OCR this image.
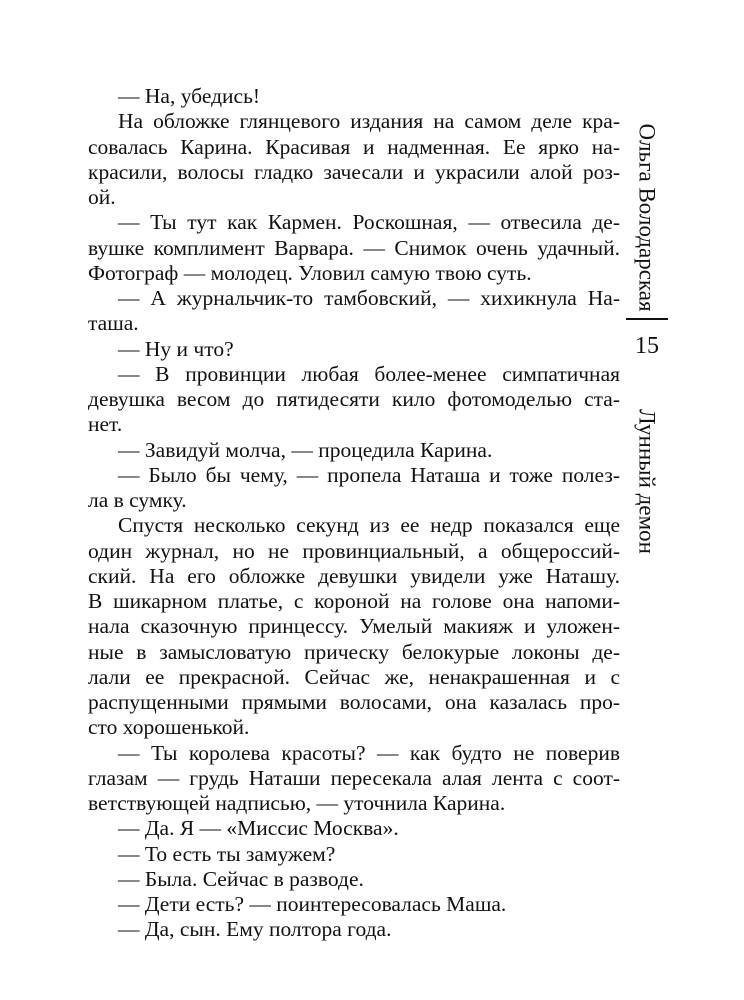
— На, убедись!
На обложке глянцевого издания на самом деле кра-
совалась Карина. Красивая и надменная. Ее ярко на-
красили, волосы гладко зачесали и украсили алой роз-
ой.
— Ты тут как Кармен. Роскошная, — отвесила де-
вушке комплимент Варвара. — Снимок очень удачный.
Фотограф — молодец. Уловил самую твою суть.
— А журнальчик-то тамбовский, — хихикнула На-
таша.
— Ну и что?
— В провинции любая более-менее симпатичная
девушка весом до пятидесяти кило фотомоделью ста-
нет.
— Завидуй молча, — процедила Карина.
— Было бы чему, — пропела Наташа и тоже полез-
ла в сумку.
Спустя несколько секунд из ее недр показался еще
один журнал, но не провинциальный, а общероссий-
ский. На его обложке девушки увидели уже Наташу.
В шикарном платье, с короной на голове она напоми-
нала сказочную принцессу. Умелый макияж и уложен-
ные в замысловатую прическу белокурые локоны де-
лали ее прекрасной. Сейчас же, ненакрашенная и с
распущенными прямыми волосами, она казалась про-
сто хорошенькой.
— Ты королева красоты? — как будто не поверив
глазам — грудь Наташи пересекала алая лента с соот-
ветствующей надписью, — уточнила Карина.
— Да. Я — «Миссис Москва».
— То есть ты замужем?
— Была. Сейчас в разводе.
— Дети есть? — поинтересовалась Маша.
— Да, сын. Ему полтора года.
Ольга Володарская
15
Лунный демон
